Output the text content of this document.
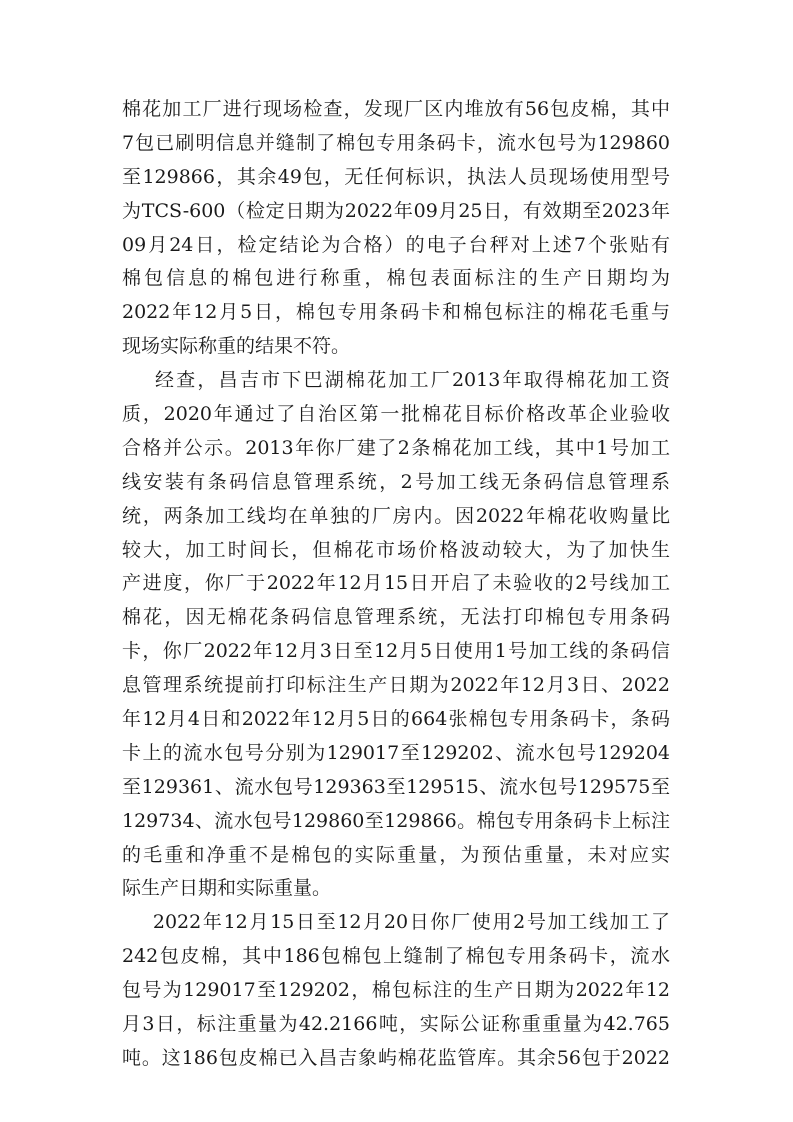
棉花加工厂进行现场检查，发现厂区内堆放有56包皮棉，其中
7包已刷明信息并缝制了棉包专用条码卡，流水包号为129860
至129866，其余49包，无任何标识，执法人员现场使用型号
为TCS-600（检定日期为2022年09月25日，有效期至2023年
09月24日，检定结论为合格）的电子台秤对上述7个张贴有
棉包信息的棉包进行称重，棉包表面标注的生产日期均为
2022年12月5日，棉包专用条码卡和棉包标注的棉花毛重与
现场实际称重的结果不符。
经查，昌吉市下巴湖棉花加工厂2013年取得棉花加工资
质，2020年通过了自治区第一批棉花目标价格改革企业验收
合格并公示。2013年你厂建了2条棉花加工线，其中1号加工
线安装有条码信息管理系统，2号加工线无条码信息管理系
统，两条加工线均在单独的厂房内。因2022年棉花收购量比
较大，加工时间长，但棉花市场价格波动较大，为了加快生
产进度，你厂于2022年12月15日开启了未验收的2号线加工
棉花，因无棉花条码信息管理系统，无法打印棉包专用条码
卡，你厂2022年12月3日至12月5日使用1号加工线的条码信
息管理系统提前打印标注生产日期为2022年12月3日、2022
年12月4日和2022年12月5日的664张棉包专用条码卡，条码
卡上的流水包号分别为129017至129202、流水包号129204
至129361、流水包号129363至129515、流水包号129575至
129734、流水包号129860至129866。棉包专用条码卡上标注
的毛重和净重不是棉包的实际重量，为预估重量，未对应实
际生产日期和实际重量。
2022年12月15日至12月20日你厂使用2号加工线加工了
242包皮棉，其中186包棉包上缝制了棉包专用条码卡，流水
包号为129017至129202，棉包标注的生产日期为2022年12
月3日，标注重量为42.2166吨，实际公证称重重量为42.765
吨。这186包皮棉已入昌吉象屿棉花监管库。其余56包于2022
